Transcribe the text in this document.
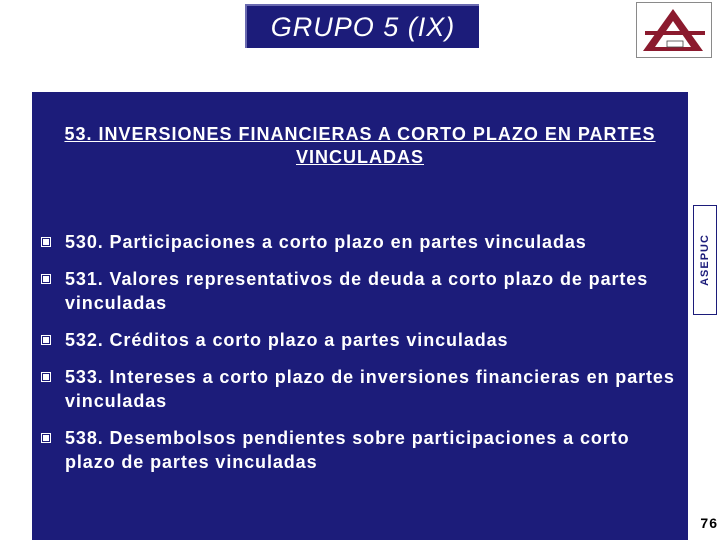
GRUPO 5 (IX)
53. INVERSIONES FINANCIERAS A CORTO PLAZO EN PARTES VINCULADAS
530. Participaciones a corto plazo en partes vinculadas
531. Valores representativos de deuda a corto plazo de partes vinculadas
532. Créditos a corto plazo a partes vinculadas
533. Intereses a corto plazo de inversiones financieras en partes vinculadas
538. Desembolsos pendientes sobre participaciones a corto plazo de partes vinculadas
ASEPUC
76
